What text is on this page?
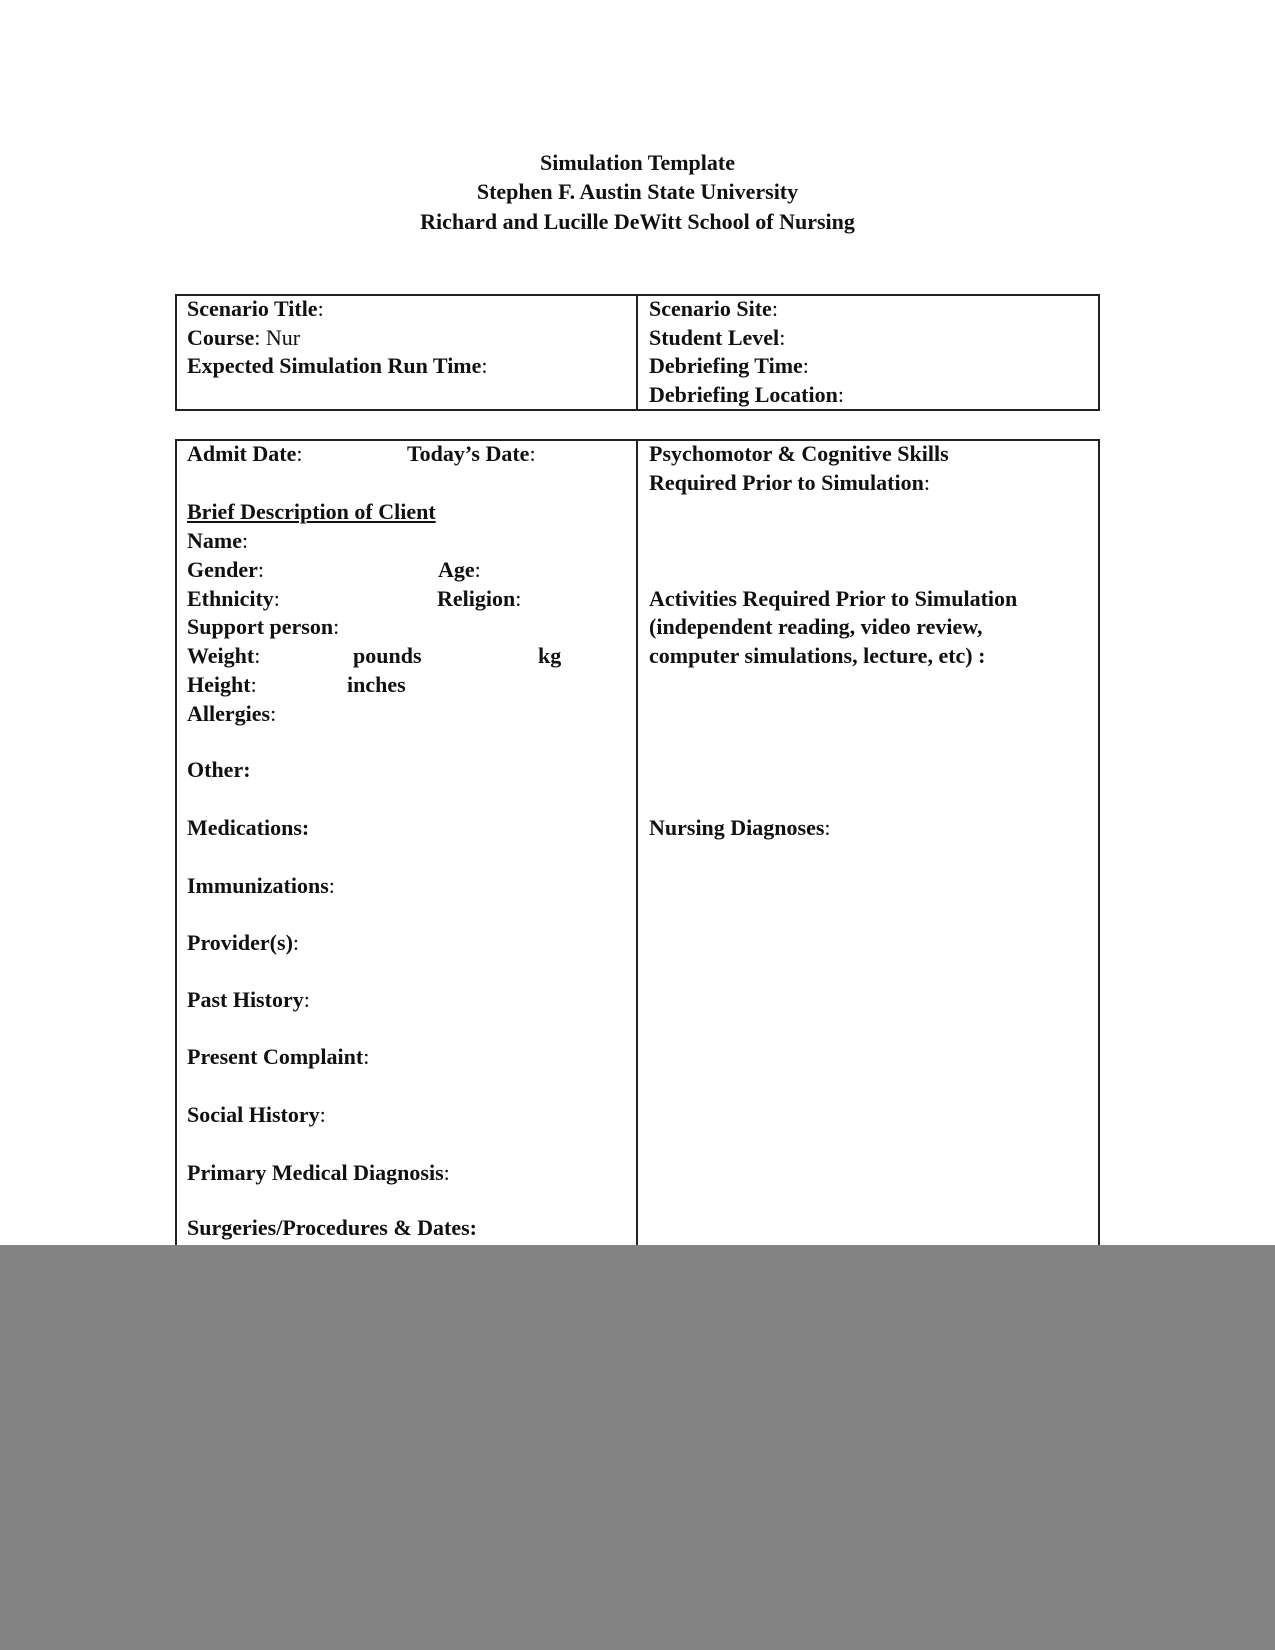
Simulation Template
Stephen F. Austin State University
Richard and Lucille DeWitt School of Nursing
Scenario Title:
Course: Nur
Expected Simulation Run Time:
Scenario Site:
Student Level:
Debriefing Time:
Debriefing Location:
Admit Date:	Today’s Date:
Brief Description of Client
Name:
Gender:	Age:
Ethnicity:	Religion:
Support person:
Weight:	pounds	kg
Height:	inches
Allergies:
Other:
Medications:
Immunizations:
Provider(s):
Past History:
Present Complaint:
Social History:
Primary Medical Diagnosis:
Surgeries/Procedures & Dates:
Psychomotor & Cognitive Skills
Required Prior to Simulation:
Activities Required Prior to Simulation
(independent reading, video review,
computer simulations, lecture, etc) :
Nursing Diagnoses:
